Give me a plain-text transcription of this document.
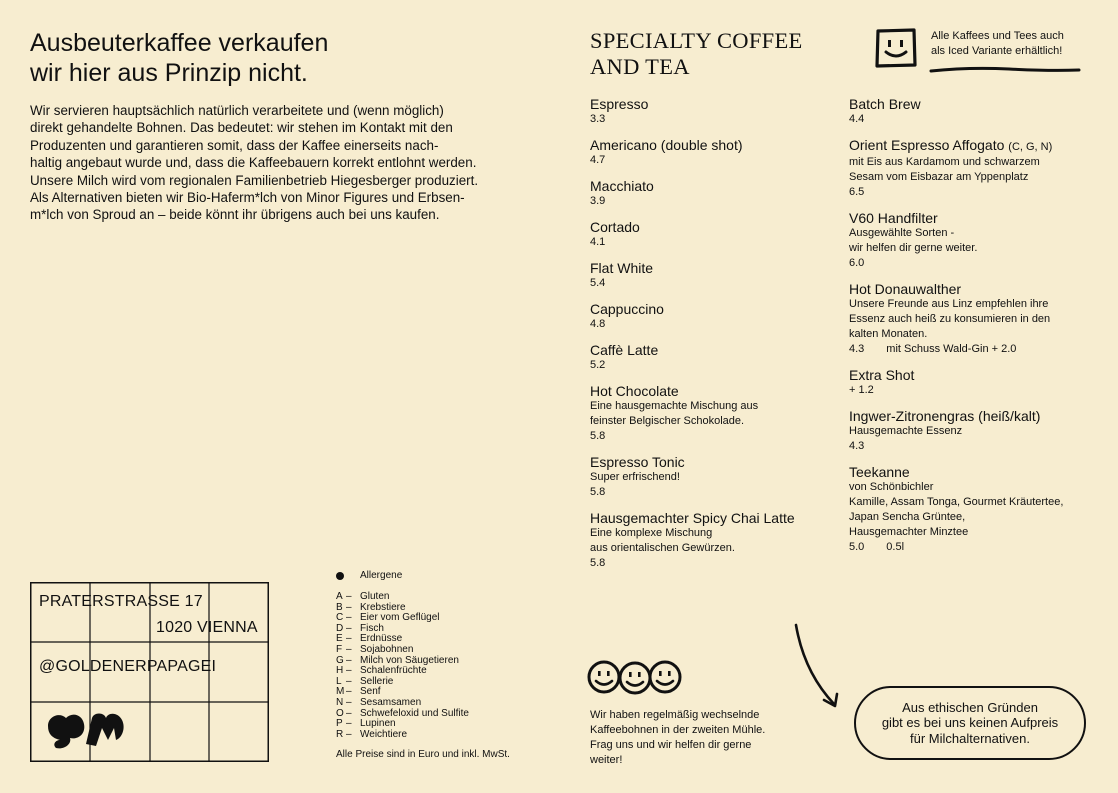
Ausbeuterkaffee verkaufen
wir hier aus Prinzip nicht.
Wir servieren hauptsächlich natürlich verarbeitete und (wenn möglich)
direkt gehandelte Bohnen. Das bedeutet: wir stehen im Kontakt mit den
Produzenten und garantieren somit, dass der Kaffee einerseits nach-
haltig angebaut wurde und, dass die Kaffeebauern korrekt entlohnt werden.
Unsere Milch wird vom regionalen Familienbetrieb Hiegesberger produziert.
Als Alternativen bieten wir Bio-Haferm*lch von Minor Figures und Erbsen-
m*lch von Sproud an – beide könnt ihr übrigens auch bei uns kaufen.
PRATERSTRASSE 17
1020 VIENNA
@GOLDENERPAPAGEI
Allergene
A – Gluten
B – Krebstiere
C – Eier vom Geflügel
D – Fisch
E – Erdnüsse
F – Sojabohnen
G – Milch von Säugetieren
H – Schalenfrüchte
L – Sellerie
M – Senf
N – Sesamsamen
O – Schwefeloxid und Sulfite
P – Lupinen
R – Weichtiere
Alle Preise sind in Euro und inkl. MwSt.
SPECIALTY COFFEE
AND TEA
Alle Kaffees und Tees auch
als Iced Variante erhältlich!
Espresso
3.3
Americano (double shot)
4.7
Macchiato
3.9
Cortado
4.1
Flat White
5.4
Cappuccino
4.8
Caffè Latte
5.2
Hot Chocolate
Eine hausgemachte Mischung aus
feinster Belgischer Schokolade.
5.8
Espresso Tonic
Super erfrischend!
5.8
Hausgemachter Spicy Chai Latte
Eine komplexe Mischung
aus orientalischen Gewürzen.
5.8
Batch Brew
4.4
Orient Espresso Affogato (C, G, N)
mit Eis aus Kardamom und schwarzem
Sesam vom Eisbazar am Yppenplatz
6.5
V60 Handfilter
Ausgewählte Sorten -
wir helfen dir gerne weiter.
6.0
Hot Donauwalther
Unsere Freunde aus Linz empfehlen ihre
Essenz auch heiß zu konsumieren in den
kalten Monaten.
4.3 mit Schuss Wald-Gin + 2.0
Extra Shot
+ 1.2
Ingwer-Zitronengras (heiß/kalt)
Hausgemachte Essenz
4.3
Teekanne
von Schönbichler
Kamille, Assam Tonga, Gourmet Kräutertee,
Japan Sencha Grüntee,
Hausgemachter Minztee
5.0 0.5l
Wir haben regelmäßig wechselnde
Kaffeebohnen in der zweiten Mühle.
Frag uns und wir helfen dir gerne
weiter!
Aus ethischen Gründen
gibt es bei uns keinen Aufpreis
für Milchalternativen.
